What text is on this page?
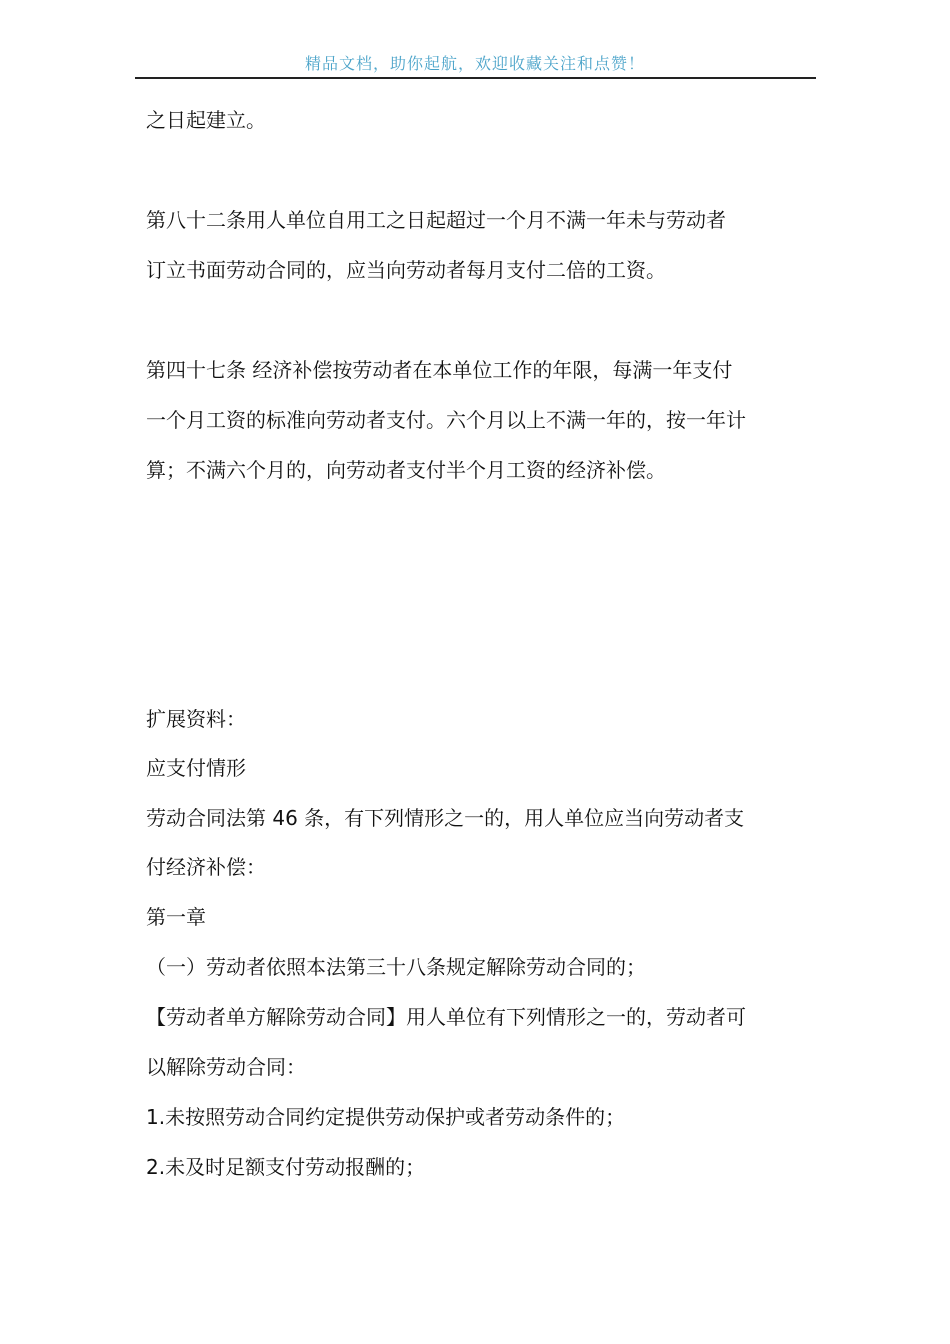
精品文档，助你起航，欢迎收藏关注和点赞！
之日起建立。
第八十二条用人单位自用工之日起超过一个月不满一年未与劳动者
订立书面劳动合同的，应当向劳动者每月支付二倍的工资。
第四十七条 经济补偿按劳动者在本单位工作的年限，每满一年支付
一个月工资的标准向劳动者支付。六个月以上不满一年的，按一年计
算；不满六个月的，向劳动者支付半个月工资的经济补偿。
扩展资料：
应支付情形
劳动合同法第 46 条，有下列情形之一的，用人单位应当向劳动者支
付经济补偿：
第一章
（一）劳动者依照本法第三十八条规定解除劳动合同的；
【劳动者单方解除劳动合同】用人单位有下列情形之一的，劳动者可
以解除劳动合同：
1.未按照劳动合同约定提供劳动保护或者劳动条件的；
2.未及时足额支付劳动报酬的；
